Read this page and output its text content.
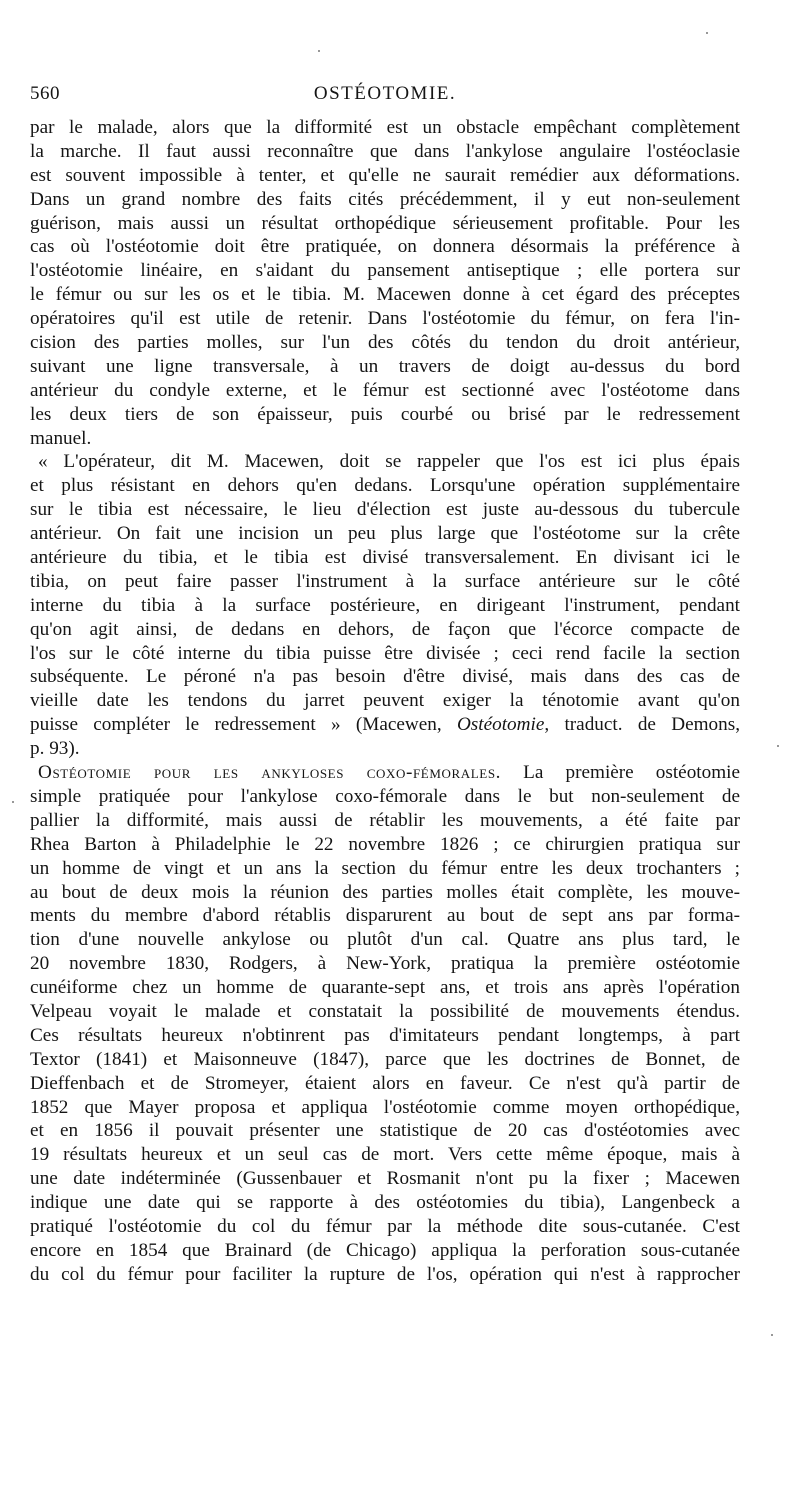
560	OSTÉOTOMIE.
par le malade, alors que la difformité est un obstacle empêchant complètement
la marche. Il faut aussi reconnaître que dans l'ankylose angulaire l'ostéoclasie
est souvent impossible à tenter, et qu'elle ne saurait remédier aux déformations.
Dans un grand nombre des faits cités précédemment, il y eut non-seulement
guérison, mais aussi un résultat orthopédique sérieusement profitable. Pour les
cas où l'ostéotomie doit être pratiquée, on donnera désormais la préférence à
l'ostéotomie linéaire, en s'aidant du pansement antiseptique ; elle portera sur
le fémur ou sur les os et le tibia. M. Macewen donne à cet égard des préceptes
opératoires qu'il est utile de retenir. Dans l'ostéotomie du fémur, on fera l'in-
cision des parties molles, sur l'un des côtés du tendon du droit antérieur,
suivant une ligne transversale, à un travers de doigt au-dessus du bord
antérieur du condyle externe, et le fémur est sectionné avec l'ostéotome dans
les deux tiers de son épaisseur, puis courbé ou brisé par le redressement
manuel.
« L'opérateur, dit M. Macewen, doit se rappeler que l'os est ici plus épais
et plus résistant en dehors qu'en dedans. Lorsqu'une opération supplémentaire
sur le tibia est nécessaire, le lieu d'élection est juste au-dessous du tubercule
antérieur. On fait une incision un peu plus large que l'ostéotome sur la crête
antérieure du tibia, et le tibia est divisé transversalement. En divisant ici le
tibia, on peut faire passer l'instrument à la surface antérieure sur le côté
interne du tibia à la surface postérieure, en dirigeant l'instrument, pendant
qu'on agit ainsi, de dedans en dehors, de façon que l'écorce compacte de
l'os sur le côté interne du tibia puisse être divisée ; ceci rend facile la section
subséquente. Le péroné n'a pas besoin d'être divisé, mais dans des cas de
vieille date les tendons du jarret peuvent exiger la ténotomie avant qu'on
puisse compléter le redressement » (Macewen, Ostéotomie, traduct. de Demons,
p. 93).
Ostéotomie pour les ankyloses coxo-fémorales. La première ostéotomie
simple pratiquée pour l'ankylose coxo-fémorale dans le but non-seulement de
pallier la difformité, mais aussi de rétablir les mouvements, a été faite par
Rhea Barton à Philadelphie le 22 novembre 1826 ; ce chirurgien pratiqua sur
un homme de vingt et un ans la section du fémur entre les deux trochanters ;
au bout de deux mois la réunion des parties molles était complète, les mouve-
ments du membre d'abord rétablis disparurent au bout de sept ans par forma-
tion d'une nouvelle ankylose ou plutôt d'un cal. Quatre ans plus tard, le
20 novembre 1830, Rodgers, à New-York, pratiqua la première ostéotomie
cunéiforme chez un homme de quarante-sept ans, et trois ans après l'opération
Velpeau voyait le malade et constatait la possibilité de mouvements étendus.
Ces résultats heureux n'obtinrent pas d'imitateurs pendant longtemps, à part
Textor (1841) et Maisonneuve (1847), parce que les doctrines de Bonnet, de
Dieffenbach et de Stromeyer, étaient alors en faveur. Ce n'est qu'à partir de
1852 que Mayer proposa et appliqua l'ostéotomie comme moyen orthopédique,
et en 1856 il pouvait présenter une statistique de 20 cas d'ostéotomies avec
19 résultats heureux et un seul cas de mort. Vers cette même époque, mais à
une date indéterminée (Gussenbauer et Rosmanit n'ont pu la fixer ; Macewen
indique une date qui se rapporte à des ostéotomies du tibia), Langenbeck a
pratiqué l'ostéotomie du col du fémur par la méthode dite sous-cutanée. C'est
encore en 1854 que Brainard (de Chicago) appliqua la perforation sous-cutanée
du col du fémur pour faciliter la rupture de l'os, opération qui n'est à rapprocher
